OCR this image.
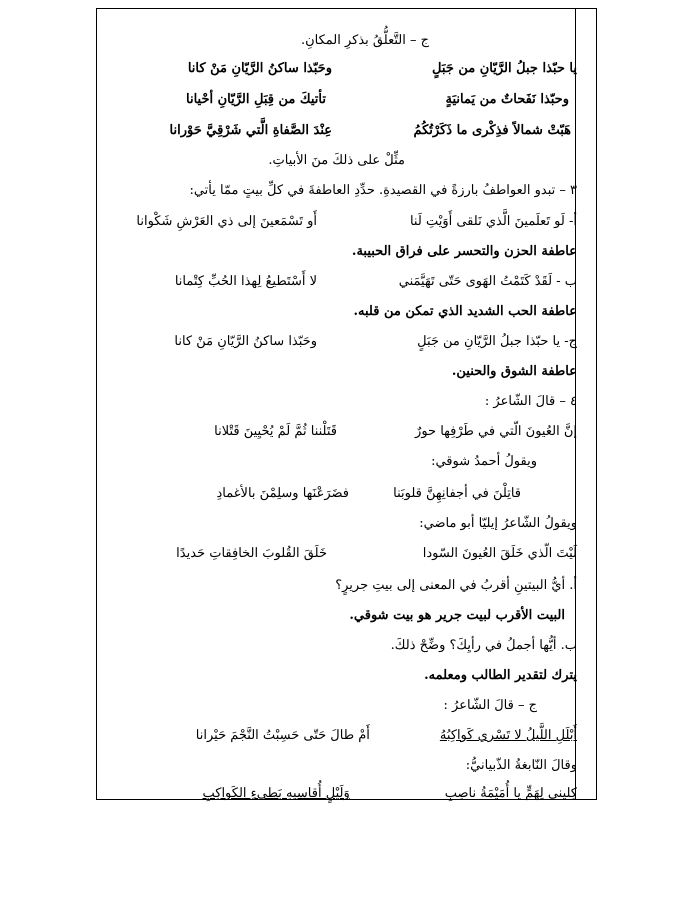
ج – التَّعلُّقُ بذكرِ المكانِ.
يا حبّذا جبلُ الرَّيّانِ من جَبَلٍ
وحَبّذا ساكنُ الرَّيّانِ مَنْ كانا
وحبّذا نَفَحاتٌ من يَمانيَةٍ
تأتيكَ من قِبَلِ الرَّيّانِ أحْيانا
هَبّتْ شمالاً فذِكْرى ما ذَكَرْتُكُمُ
عِنْدَ الصَّفاةِ الَّتي شَرْقِيَّ حَوْرانا
مثِّلْ على ذلكَ منَ الأبياتِ.
٣ – تبدو العواطفُ بارزةً في القصيدةِ. حدِّدِ العاطفةَ في كلِّ بيتٍ ممّا يأتي:
أ- لَو تَعلَمينَ الَّذي نَلقى أَوَيْتِ لَنا
أَو تَسْمَعينَ إلى ذي العَرْشِ شَكْوانا
عاطفة الحزن والتحسر على فراق الحبيبة.
ب - لَقَدْ كَتَمْتُ الهَوى حَتّى تَهَيَّمَني
لا أَسْتَطيعُ لِهذا الحُبِّ كِتْمانا
عاطفة الحب الشديد الذي تمكن من قلبه.
ج- يا حبّذا جبلُ الرَّيّانِ من جَبَلٍ
وحَبّذا ساكنُ الرَّيّانِ مَنْ كانا
عاطفة الشوق والحنين.
٤ – قالَ الشّاعرُ :
إنَّ العُيونَ الّتي في طَرْفِها حورٌ
قَتَلْننا ثُمَّ لَمْ يُحْيِينَ قَتْلانا
ويقولُ أحمدُ شوقي:
قاتِلْنَ في أجفانِهِنَّ قلوبَنا
فضَرَعْنَها وسلِمْنَ بالأغمادِ
ويقولُ الشّاعرُ إيليّا أبو ماضي:
لَيْتَ الّذي خَلَقَ العُيونَ السّودا
خَلَقَ القُلوبَ الخافِقاتِ حَديدًا
أ. أيُّ البيتينِ أقربُ في المعنى إلى بيتِ جريرٍ؟
البيت الأقرب لبيت جرير هو بيت شوقي.
ب. أيُّها أجملُ في رأيِكَ؟ وضِّحْ ذلكَ.
يترك لتقدير الطالب ومعلمه.
ج – قالَ الشّاعرُ :
أَبْلَلِ اللَّيلُ لا تَسْري كَواكِبُهُ
أَمْ طالَ حَتّى حَسِبْتُ النَّجْمَ حَيْرانا
وقالَ النّابغةُ الذّبيانيُّ:
كِليني لِهَمٍّ يا أُمَيْمَةُ ناصِبِ
وَلَيْلٍ أُقاسيهِ بَطيءِ الكَواكِبِ
